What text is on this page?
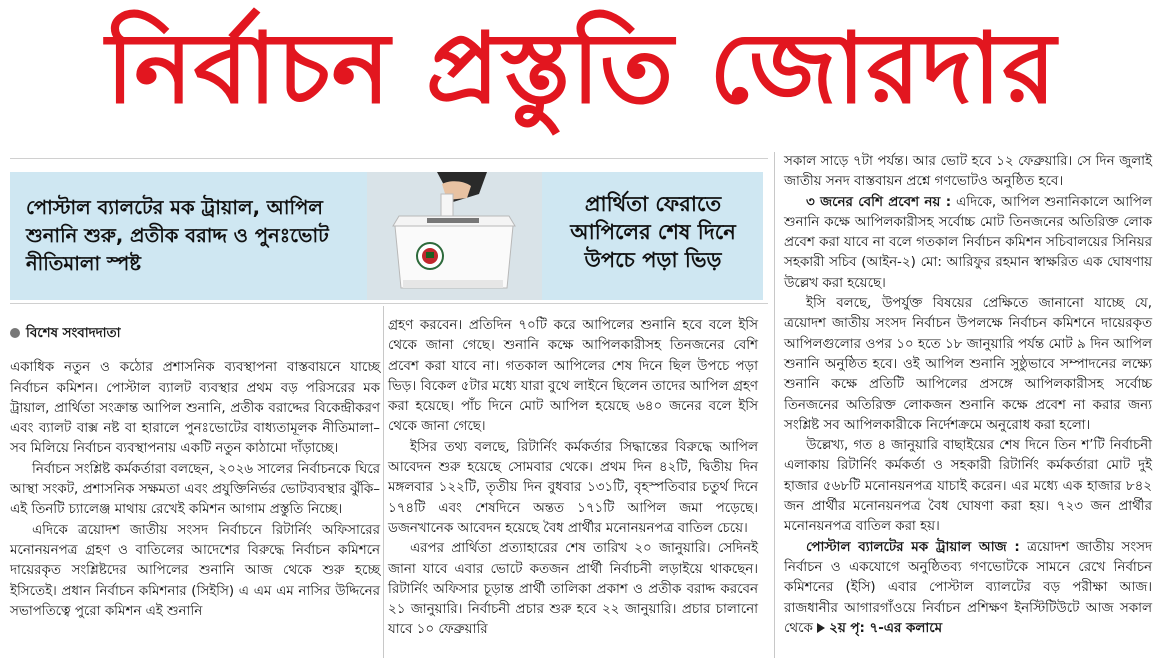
নির্বাচন প্রস্তুতি জোরদার
পোস্টাল ব্যালটের মক ট্রায়াল, আপিল শুনানি শুরু, প্রতীক বরাদ্দ ও পুনঃভোট নীতিমালা স্পষ্ট
প্রার্থিতা ফেরাতে আপিলের শেষ দিনে উপচে পড়া ভিড়

বিশেষ সংবাদদাতা

একাধিক নতুন ও কঠোর প্রশাসনিক ব্যবস্থাপনা বাস্তবায়নে যাচ্ছে নির্বাচন কমিশন। পোস্টাল ব্যালট ব্যবস্থার প্রথম বড় পরিসরের মক ট্রায়াল, প্রার্থিতা সংক্রান্ত আপিল শুনানি, প্রতীক বরাদ্দের বিকেন্দ্রীকরণ এবং ব্যালট বাক্স নষ্ট বা হারালে পুনঃভোটের বাধ্যতামূলক নীতিমালা– সব মিলিয়ে নির্বাচন ব্যবস্থাপনায় একটি নতুন কাঠামো দাঁড়াচ্ছে।

নির্বাচন সংশ্লিষ্ট কর্মকর্তারা বলছেন, ২০২৬ সালের নির্বাচনকে ঘিরে আস্থা সংকট, প্রশাসনিক সক্ষমতা এবং প্রযুক্তিনির্ভর ভোটব্যবস্থার ঝুঁকি– এই তিনটি চ্যালেঞ্জ মাথায় রেখেই কমিশন আগাম প্রস্তুতি নিচ্ছে।

এদিকে ত্রয়োদশ জাতীয় সংসদ নির্বাচনে রিটার্নিং অফিসারের মনোনয়নপত্র গ্রহণ ও বাতিলের আদেশের বিরুদ্ধে নির্বাচন কমিশনে দায়েরকৃত সংশ্লিষ্টদের আপিলের শুনানি আজ থেকে শুরু হচ্ছে ইসিতেই। প্রধান নির্বাচন কমিশনার (সিইসি) এ এম এম নাসির উদ্দিনের সভাপতিত্বে পুরো কমিশন এই শুনানি

গ্রহণ করবেন। প্রতিদিন ৭০টি করে আপিলের শুনানি হবে বলে ইসি থেকে জানা গেছে। শুনানি কক্ষে আপিলকারীসহ তিনজনের বেশি প্রবেশ করা যাবে না। গতকাল আপিলের শেষ দিনে ছিল উপচে পড়া ভিড়। বিকেল ৫টার মধ্যে যারা বুথে লাইনে ছিলেন তাদের আপিল গ্রহণ করা হয়েছে। পাঁচ দিনে মোট আপিল হয়েছে ৬৪০ জনের বলে ইসি থেকে জানা গেছে।

ইসির তথ্য বলছে, রিটার্নিং কর্মকর্তার সিদ্ধান্তের বিরুদ্ধে আপিল আবেদন শুরু হয়েছে সোমবার থেকে। প্রথম দিন ৪২টি, দ্বিতীয় দিন মঙ্গলবার ১২২টি, তৃতীয় দিন বুধবার ১৩১টি, বৃহস্পতিবার চতুর্থ দিনে ১৭৪টি এবং শেষদিনে অন্তত ১৭১টি আপিল জমা পড়েছে। ডজনখানেক আবেদন হয়েছে বৈধ প্রার্থীর মনোনয়নপত্র বাতিল চেয়ে।

এরপর প্রার্থিতা প্রত্যাহারের শেষ তারিখ ২০ জানুয়ারি। সেদিনই জানা যাবে এবার ভোটে কতজন প্রার্থী নির্বাচনী লড়াইয়ে থাকছেন। রিটার্নিং অফিসার চূড়ান্ত প্রার্থী তালিকা প্রকাশ ও প্রতীক বরাদ্দ করবেন ২১ জানুয়ারি। নির্বাচনী প্রচার শুরু হবে ২২ জানুয়ারি। প্রচার চালানো যাবে ১০ ফেব্রুয়ারি

সকাল সাড়ে ৭টা পর্যন্ত। আর ভোট হবে ১২ ফেব্রুয়ারি। সে দিন জুলাই জাতীয় সনদ বাস্তবায়ন প্রশ্নে গণভোটও অনুষ্ঠিত হবে।

৩ জনের বেশি প্রবেশ নয় : এদিকে, আপিল শুনানিকালে আপিল শুনানি কক্ষে আপিলকারীসহ সর্বোচ্চ মোট তিনজনের অতিরিক্ত লোক প্রবেশ করা যাবে না বলে গতকাল নির্বাচন কমিশন সচিবালয়ের সিনিয়র সহকারী সচিব (আইন-২) মো: আরিফুর রহমান স্বাক্ষরিত এক ঘোষণায় উল্লেখ করা হয়েছে।

ইসি বলছে, উপর্যুক্ত বিষয়ের প্রেক্ষিতে জানানো যাচ্ছে যে, ত্রয়োদশ জাতীয় সংসদ নির্বাচন উপলক্ষে নির্বাচন কমিশনে দায়েরকৃত আপিলগুলোর ওপর ১০ হতে ১৮ জানুয়ারি পর্যন্ত মোট ৯ দিন আপিল শুনানি অনুষ্ঠিত হবে। ওই আপিল শুনানি সুষ্ঠুভাবে সম্পাদনের লক্ষ্যে শুনানি কক্ষে প্রতিটি আপিলের প্রসঙ্গে আপিলকারীসহ সর্বোচ্চ তিনজনের অতিরিক্ত লোকজন শুনানি কক্ষে প্রবেশ না করার জন্য সংশ্লিষ্ট সব আপিলকারীকে নির্দেশক্রমে অনুরোধ করা হলো।

উল্লেখ্য, গত ৪ জানুয়ারি বাছাইয়ের শেষ দিনে তিন শ’টি নির্বাচনী এলাকায় রিটার্নিং কর্মকর্তা ও সহকারী রিটার্নিং কর্মকর্তারা মোট দুই হাজার ৫৬৮টি মনোনয়নপত্র যাচাই করেন। এর মধ্যে এক হাজার ৮৪২ জন প্রার্থীর মনোনয়নপত্র বৈধ ঘোষণা করা হয়। ৭২৩ জন প্রার্থীর মনোনয়নপত্র বাতিল করা হয়।

পোস্টাল ব্যালটের মক ট্রায়াল আজ : ত্রয়োদশ জাতীয় সংসদ নির্বাচন ও একযোগে অনুষ্ঠিতব্য গণভোটকে সামনে রেখে নির্বাচন কমিশনের (ইসি) এবার পোস্টাল ব্যালটের বড় পরীক্ষা আজ। রাজধানীর আগারগাঁওয়ে নির্বাচন প্রশিক্ষণ ইনস্টিটিউটে আজ সকাল থেকে ২য় পৃ: ৭-এর কলামে
